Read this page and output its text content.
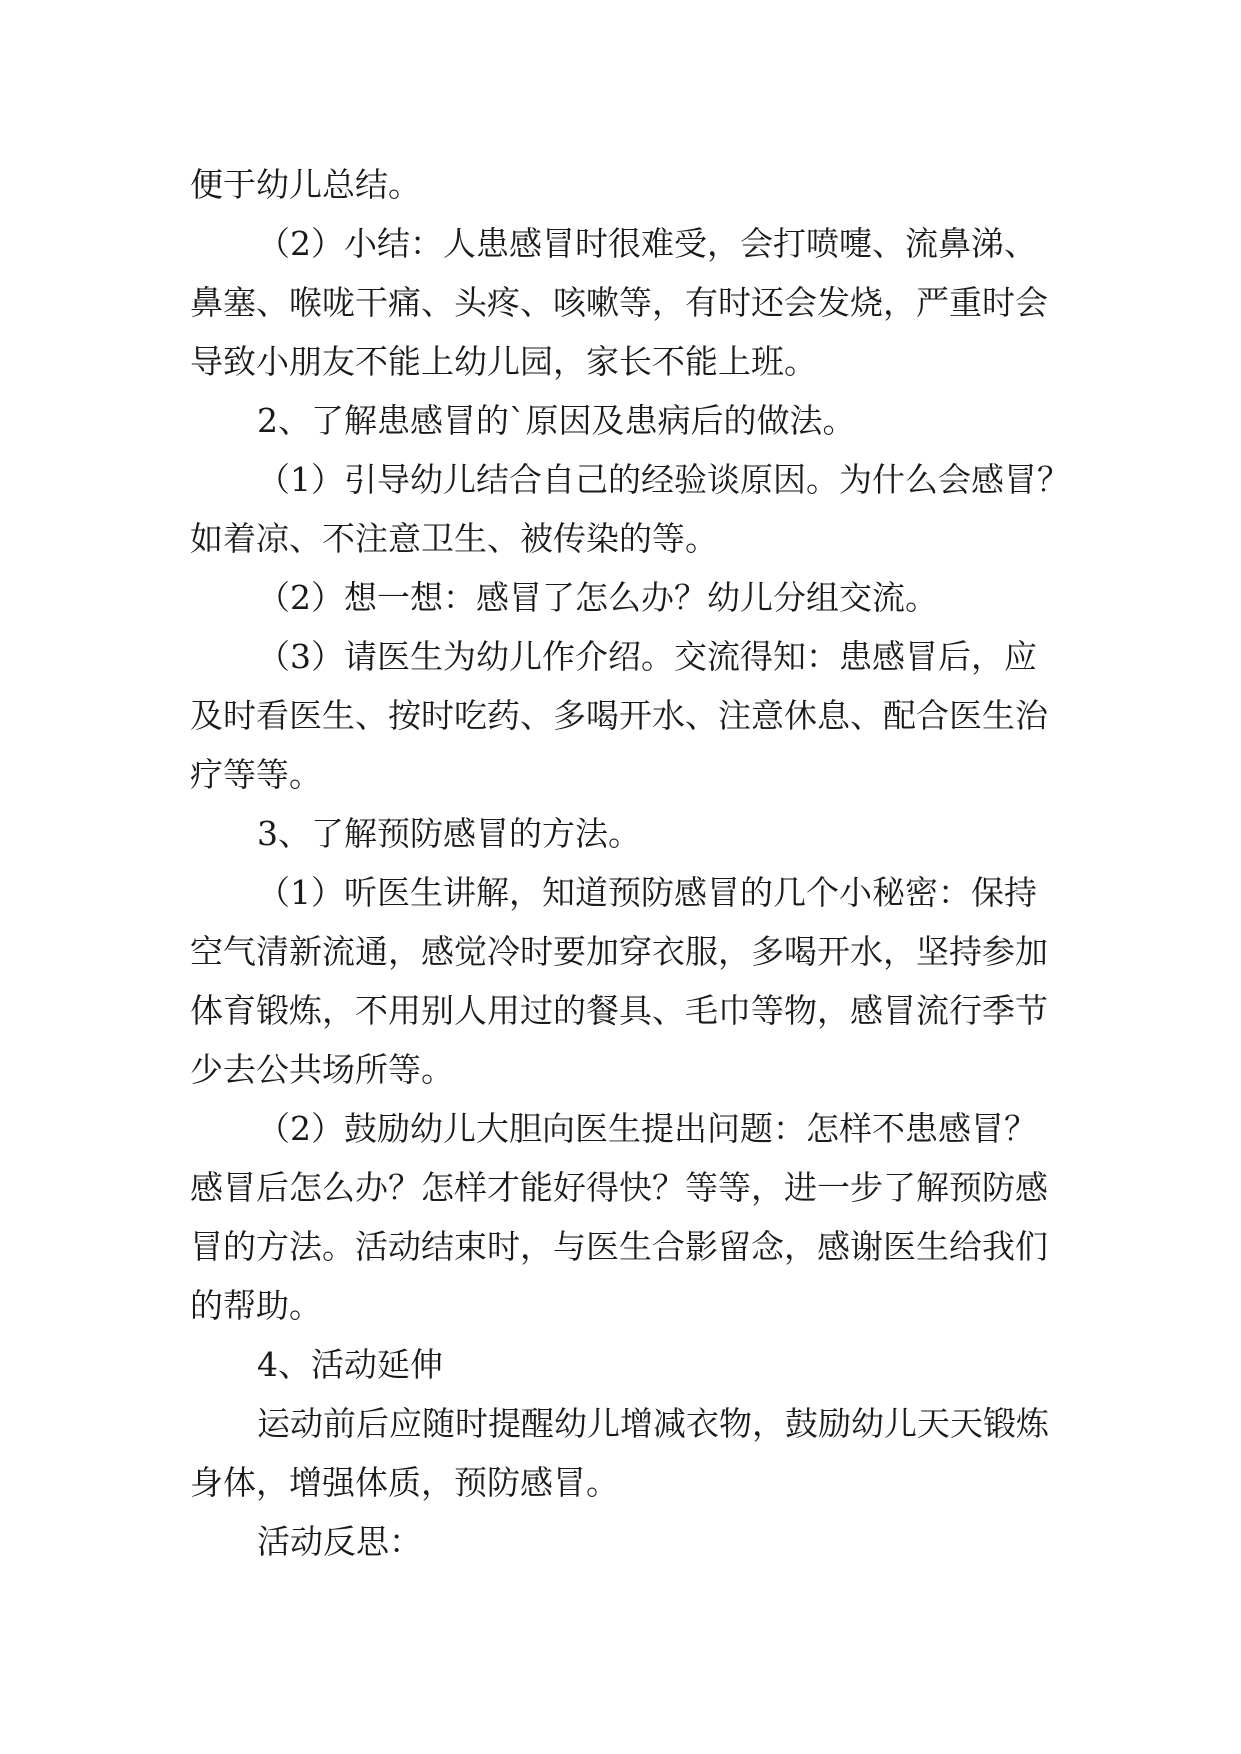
便于幼儿总结。
（2）小结：人患感冒时很难受，会打喷嚏、流鼻涕、
鼻塞、喉咙干痛、头疼、咳嗽等，有时还会发烧，严重时会
导致小朋友不能上幼儿园，家长不能上班。
2、了解患感冒的`原因及患病后的做法。
（1）引导幼儿结合自己的经验谈原因。为什么会感冒？
如着凉、不注意卫生、被传染的等。
（2）想一想：感冒了怎么办？幼儿分组交流。
（3）请医生为幼儿作介绍。交流得知：患感冒后，应
及时看医生、按时吃药、多喝开水、注意休息、配合医生治
疗等等。
3、了解预防感冒的方法。
（1）听医生讲解，知道预防感冒的几个小秘密：保持
空气清新流通，感觉冷时要加穿衣服，多喝开水，坚持参加
体育锻炼，不用别人用过的餐具、毛巾等物，感冒流行季节
少去公共场所等。
（2）鼓励幼儿大胆向医生提出问题：怎样不患感冒？
感冒后怎么办？怎样才能好得快？等等，进一步了解预防感
冒的方法。活动结束时，与医生合影留念，感谢医生给我们
的帮助。
4、活动延伸
运动前后应随时提醒幼儿增减衣物，鼓励幼儿天天锻炼
身体，增强体质，预防感冒。
活动反思：
